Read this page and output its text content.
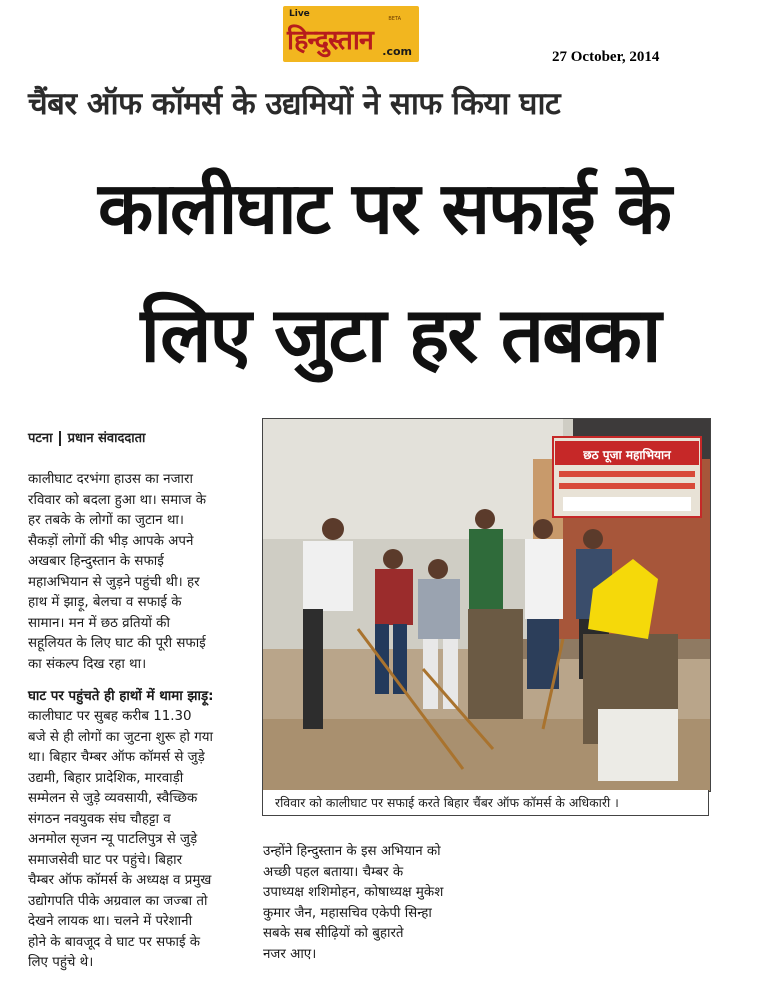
Live	BETA
हिन्दुस्तान .com	27 October, 2014
चैंबर ऑफ कॉमर्स के उद्यमियों ने साफ किया घाट
कालीघाट पर सफाई के
लिए जुटा हर तबका
पटना प्रधान संवाददाता
कालीघाट दरभंगा हाउस का नजारा
रविवार को बदला हुआ था। समाज के
हर तबके के लोगों का जुटान था।
सैकड़ों लोगों की भीड़ आपके अपने
अखबार हिन्दुस्तान के सफाई
महाअभियान से जुड़ने पहुंची थी। हर
हाथ में झाड़ू, बेलचा व सफाई के
सामान। मन में छठ व्रतियों की
सहूलियत के लिए घाट की पूरी सफाई
का संकल्प दिख रहा था।
घाट पर पहुंचते ही हाथों में थामा झाड़ू:
कालीघाट पर सुबह करीब 11.30
बजे से ही लोगों का जुटना शुरू हो गया
था। बिहार चैम्बर ऑफ कॉमर्स से जुड़े
उद्यमी, बिहार प्रादेशिक, मारवाड़ी
सम्मेलन से जुड़े व्यवसायी, स्वैच्छिक
संगठन नवयुवक संघ चौहट्टा व
अनमोल सृजन न्यू पाटलिपुत्र से जुड़े
समाजसेवी घाट पर पहुंचे। बिहार
चैम्बर ऑफ कॉमर्स के अध्यक्ष व प्रमुख
उद्योगपति पीके अग्रवाल का जज्बा तो
देखने लायक था। चलने में परेशानी
होने के बावजूद वे घाट पर सफाई के
लिए पहुंचे थे।
छठ पूजा महाभियान
रविवार को कालीघाट पर सफाई करते बिहार चैंबर ऑफ कॉमर्स के अधिकारी ।
उन्होंने हिन्दुस्तान के इस अभियान को
अच्छी पहल बताया। चैम्बर के
उपाध्यक्ष शशिमोहन, कोषाध्यक्ष मुकेश
कुमार जैन, महासचिव एकेपी सिन्हा
सबके सब सीढ़ियों को बुहारते
नजर आए।
